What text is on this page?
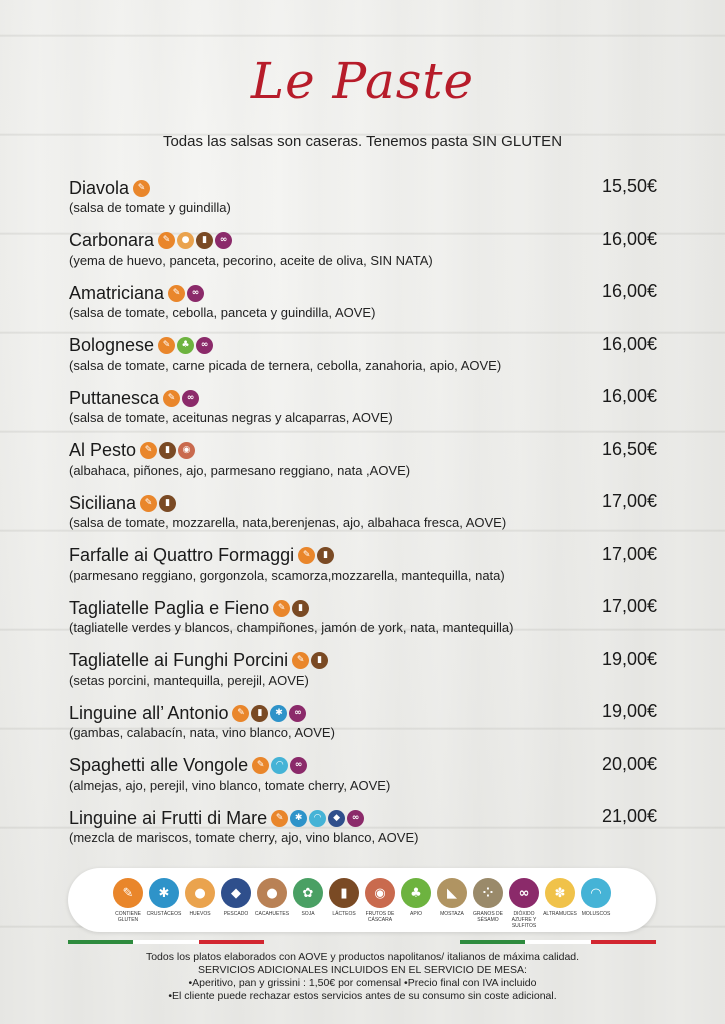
Le Paste
Todas las salsas son caseras. Tenemos pasta SIN GLUTEN
Diavola ✎	15,50€
(salsa de tomate y guindilla)
Carbonara ✎	●	▮	∞	16,00€
(yema de huevo, panceta, pecorino, aceite de oliva, SIN NATA)
Amatriciana ✎	∞	16,00€
(salsa de tomate, cebolla, panceta y guindilla, AOVE)
Bolognese ✎	♣	∞	16,00€
(salsa de tomate, carne picada de ternera, cebolla, zanahoria, apio, AOVE)
Puttanesca ✎	∞	16,00€
(salsa de tomate, aceitunas negras y alcaparras, AOVE)
Al Pesto ✎	▮	◉	16,50€
(albahaca, piñones, ajo, parmesano reggiano, nata ,AOVE)
Siciliana ✎	▮	17,00€
(salsa de tomate, mozzarella, nata,berenjenas, ajo, albahaca fresca, AOVE)
Farfalle ai Quattro Formaggi ✎	▮	17,00€
(parmesano reggiano, gorgonzola, scamorza,mozzarella, mantequilla, nata)
Tagliatelle Paglia e Fieno ✎	▮	17,00€
(tagliatelle verdes y blancos, champiñones, jamón de york, nata, mantequilla)
Tagliatelle ai Funghi Porcini ✎	▮	19,00€
(setas porcini, mantequilla, perejil, AOVE)
Linguine all’ Antonio ✎	▮	✱	∞	19,00€
(gambas, calabacín, nata, vino blanco, AOVE)
Spaghetti alle Vongole ✎	◠	∞	20,00€
(almejas, ajo, perejil, vino blanco, tomate cherry, AOVE)
Linguine ai Frutti di Mare ✎	✱	◠	◆	∞	21,00€
(mezcla de mariscos, tomate cherry, ajo, vino blanco, AOVE)
✎
CONTIENE GLUTEN
✱
CRUSTÁCEOS
●
HUEVOS
◆
PESCADO
●
CACAHUETES
✿
SOJA
▮
LÁCTEOS
◉
FRUTOS DE CÁSCARA
♣
APIO
◣
MOSTAZA
⁘
GRANOS DE SÉSAMO
∞
DIÓXIDO AZUFRE Y SULFITOS
✽
ALTRAMUCES
◠
MOLUSCOS
Todos los platos elaborados con AOVE y productos napolitanos/ italianos de máxima calidad.
SERVICIOS ADICIONALES INCLUIDOS EN EL SERVICIO DE MESA:
•Aperitivo, pan y grissini : 1,50€ por comensal •Precio final con IVA incluido
•El cliente puede rechazar estos servicios antes de su consumo sin coste adicional.
